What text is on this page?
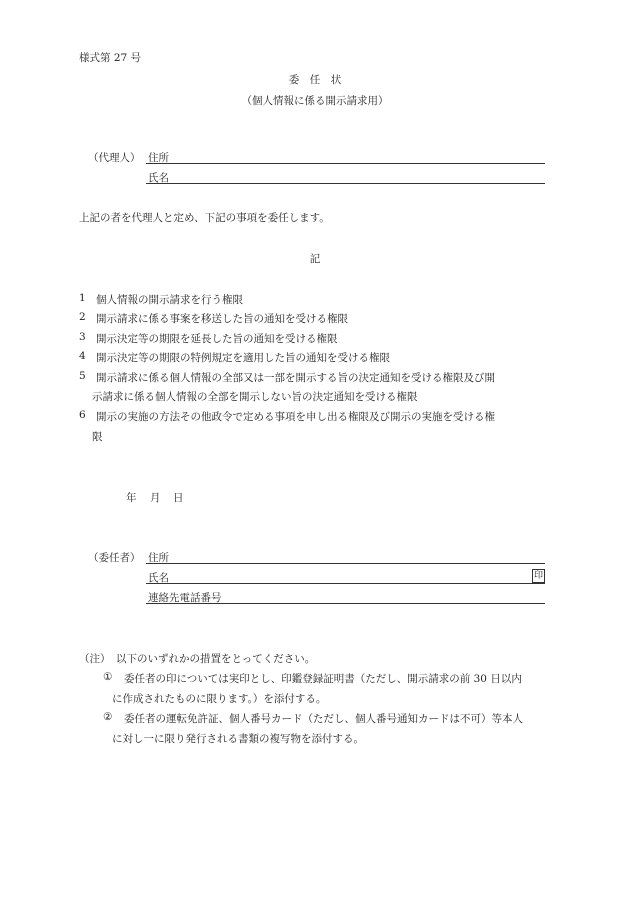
様式第 27 号
委　任　状
（個人情報に係る開示請求用）
（代理人） 住所
氏名
上記の者を代理人と定め、下記の事項を委任します。
記
1 個人情報の開示請求を行う権限
2 開示請求に係る事案を移送した旨の通知を受ける権限
3 開示決定等の期限を延長した旨の通知を受ける権限
4 開示決定等の期限の特例規定を適用した旨の通知を受ける権限
5 開示請求に係る個人情報の全部又は一部を開示する旨の決定通知を受ける権限及び開
示請求に係る個人情報の全部を開示しない旨の決定通知を受ける権限
6 開示の実施の方法その他政令で定める事項を申し出る権限及び開示の実施を受ける権
限
年 月 日
（委任者） 住所
氏名	印
連絡先電話番号
（注） 以下のいずれかの措置をとってください。
① 委任者の印については実印とし、印鑑登録証明書（ただし、開示請求の前 30 日以内
に作成されたものに限ります。）を添付する。
② 委任者の運転免許証、個人番号カード（ただし、個人番号通知カードは不可）等本人
に対し一に限り発行される書類の複写物を添付する。
